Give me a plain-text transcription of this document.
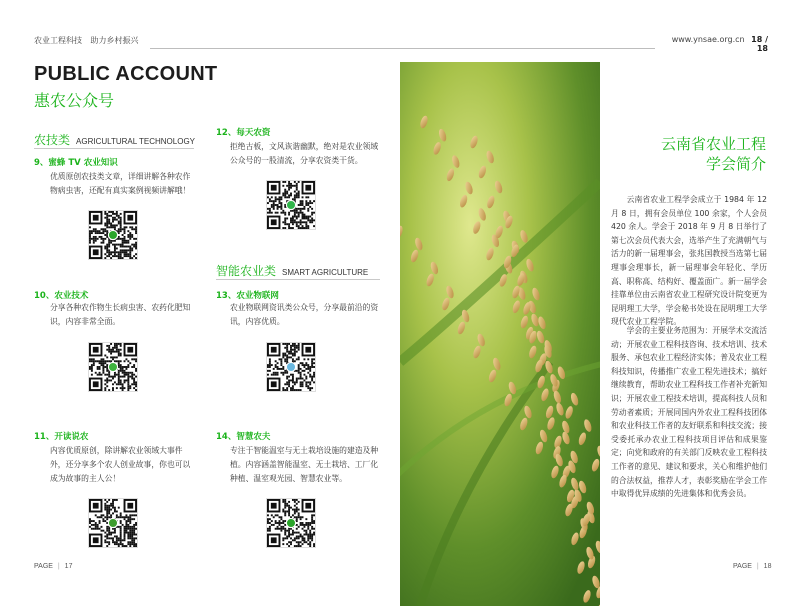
农业工程科技 助力乡村振兴	www.ynsae.org.cn 18 / 18
PUBLIC ACCOUNT
惠农公众号
农技类 AGRICULTURAL TECHNOLOGY
9、蜜蜂 TV 农业知识
优质原创农技类文章，详细讲解各种农作物病虫害，还配有真实案例视频讲解哦！
10、农业技术
分享各种农作物生长病虫害、农药化肥知识，内容非常全面。
11、开读说农
内容优质原创，除讲解农业领域大事件外，还分享多个农人创业故事，你也可以成为故事的主人公！
12、每天农资
拒绝古板，文风诙谐幽默，绝对是农业领域公众号的一股清流，分享农资类干货。
智能农业类 SMART AGRICULTURE
13、农业物联网
农业物联网资讯类公众号，分享最前沿的资讯，内容优质。
14、智慧农夫
专注于智能温室与无土栽培设施的建造及种植。内容涵盖智能温室、无土栽培、工厂化种植、温室观光园、智慧农业等。
PAGE | 17
云南省农业工程
学会简介
云南省农业工程学会成立于 1984 年 12 月 8 日，拥有会员单位 100 余家，个人会员 420 余人。学会于 2018 年 9 月 8 日举行了第七次会员代表大会，选举产生了充满朝气与活力的新一届理事会，张兆国教授当选第七届理事会理事长，新一届理事会年轻化、学历高、职称高、结构好、覆盖面广。新一届学会挂靠单位由云南省农业工程研究设计院变更为昆明理工大学，学会秘书处设在昆明理工大学现代农业工程学院。
学会的主要业务范围为：开展学术交流活动；开展农业工程科技咨询、技术培训、技术服务、承包农业工程经济实体；普及农业工程科技知识，传播推广农业工程先进技术；搞好继续教育，帮助农业工程科技工作者补充新知识；开展农业工程技术培训，提高科技人员和劳动者素质；开展同国内外农业工程科技团体和农业科技工作者的友好联系和科技交流；接受委托承办农业工程科技项目评估和成果鉴定；向党和政府的有关部门反映农业工程科技工作者的意见、建议和要求，关心和维护他们的合法权益，推荐人才，表彰奖励在学会工作中取得优异成绩的先进集体和优秀会员。
PAGE | 18
